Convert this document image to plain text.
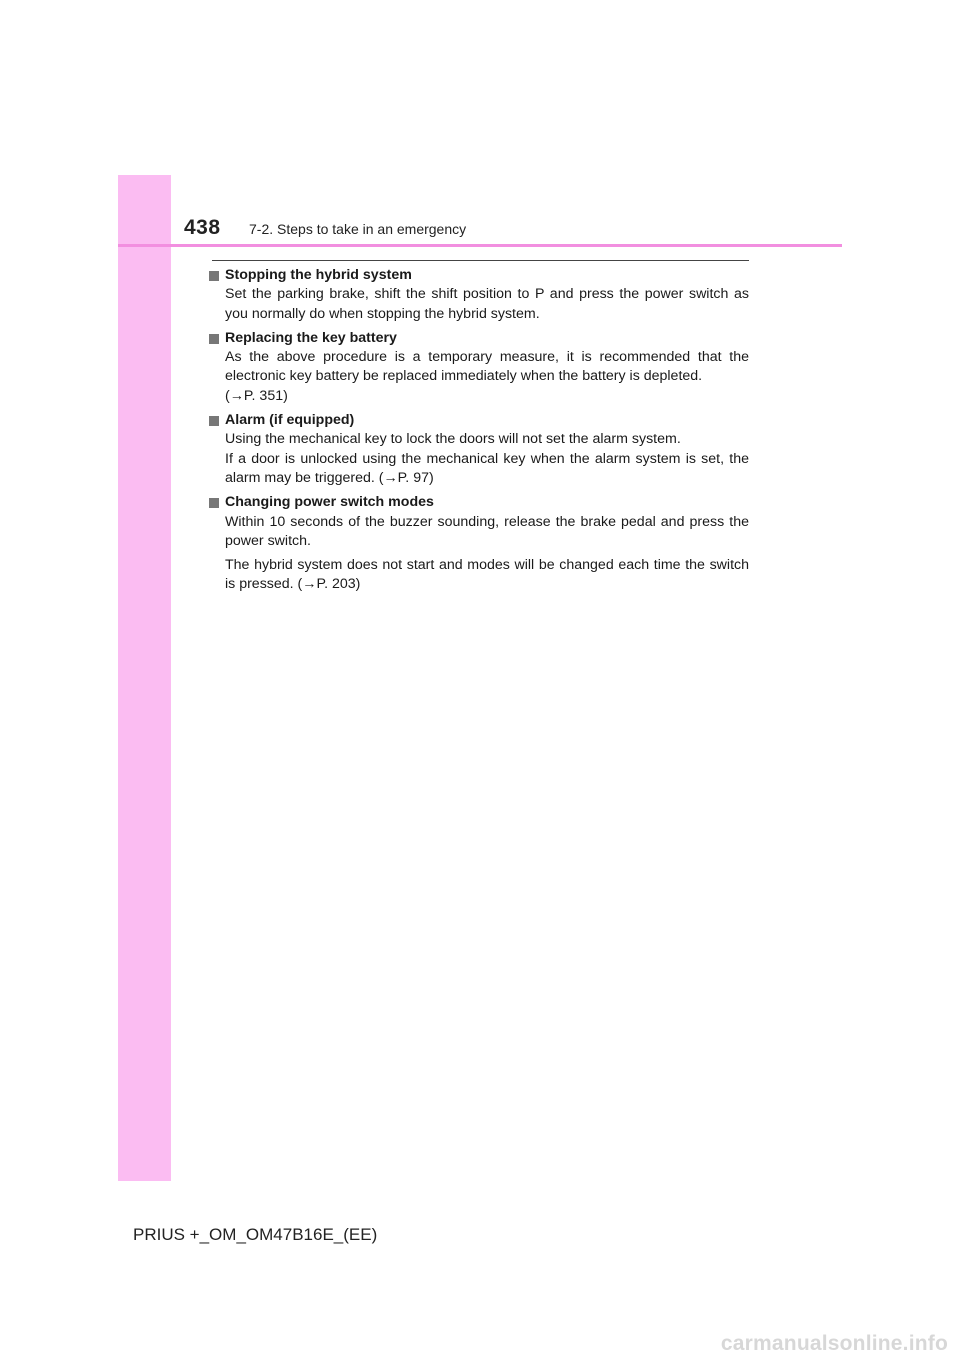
438 7-2. Steps to take in an emergency
Stopping the hybrid system

Set the parking brake, shift the shift position to P and press the power switch as you normally do when stopping the hybrid system.

Replacing the key battery

As the above procedure is a temporary measure, it is recommended that the electronic key battery be replaced immediately when the battery is depleted.
(→P. 351)

Alarm (if equipped)

Using the mechanical key to lock the doors will not set the alarm system.
If a door is unlocked using the mechanical key when the alarm system is set, the alarm may be triggered. (→P. 97)

Changing power switch modes

Within 10 seconds of the buzzer sounding, release the brake pedal and press the power switch.

The hybrid system does not start and modes will be changed each time the switch is pressed. (→P. 203)

PRIUS +_OM_OM47B16E_(EE)
carmanualsonline.info
